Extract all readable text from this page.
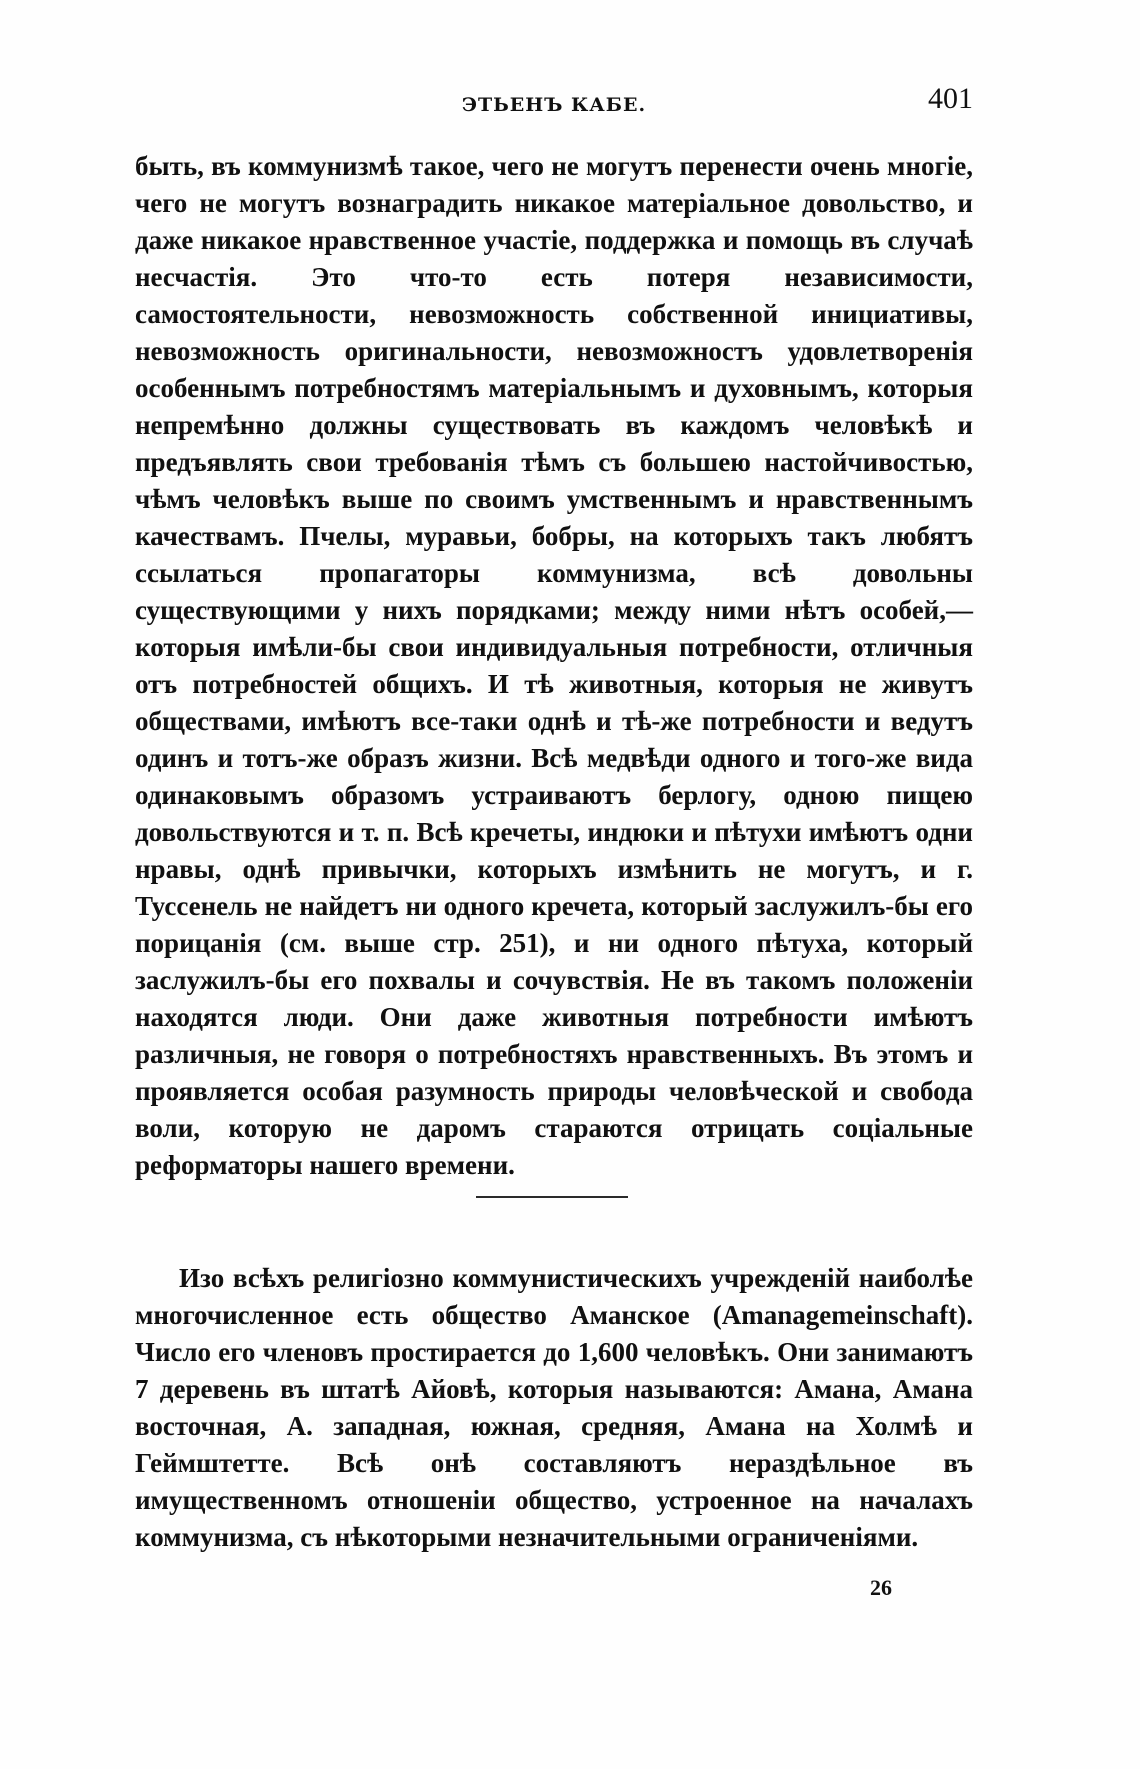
ЭТЬЕНЪ КАБЕ.	401
быть, въ коммунизмѣ такое, чего не могутъ перенести очень многіе, чего не могутъ вознаградить никакое матеріальное довольство, и даже никакое нравственное участіе, поддержка и помощь въ случаѣ несчастія. Это что-то есть потеря независимости, самостоятельности, невозможность собственной инициативы, невозможность оригинальности, невозможностъ удовлетворенія особеннымъ потребностямъ матеріальнымъ и духовнымъ, которыя непремѣнно должны существовать въ каждомъ человѣкѣ и предъявлять свои требованія тѣмъ съ большею настойчивостью, чѣмъ человѣкъ выше по своимъ умственнымъ и нравственнымъ качествамъ. Пчелы, муравьи, бобры, на которыхъ такъ любятъ ссылаться пропагаторы коммунизма, всѣ довольны существующими у нихъ порядками; между ними нѣтъ особей,—которыя имѣли-бы свои индивидуальныя потребности, отличныя отъ потребностей общихъ. И тѣ животныя, которыя не живутъ обществами, имѣютъ все-таки однѣ и тѣ-же потребности и ведутъ одинъ и тотъ-же образъ жизни. Всѣ медвѣди одного и того-же вида одинаковымъ образомъ устраиваютъ берлогу, одною пищею довольствуются и т. п. Всѣ кречеты, индюки и пѣтухи имѣютъ одни нравы, однѣ привычки, которыхъ измѣнить не могутъ, и г. Туссенель не найдетъ ни одного кречета, который заслужилъ-бы его порицанія (см. выше стр. 251), и ни одного пѣтуха, который заслужилъ-бы его похвалы и сочувствія. Не въ такомъ положеніи находятся люди. Они даже животныя потребности имѣютъ различныя, не говоря о потребностяхъ нравственныхъ. Въ этомъ и проявляется особая разумность природы человѣческой и свобода воли, которую не даромъ стараются отрицать соціальные реформаторы нашего времени.
Изо всѣхъ религіозно коммунистическихъ учрежденій наиболѣе многочисленное есть общество Аманское (Amanagemeinschaft). Число его членовъ простирается до 1,600 человѣкъ. Они занимаютъ 7 деревень въ штатѣ Айовѣ, которыя называются: Амана, Амана восточная, А. западная, южная, средняя, Амана на Холмѣ и Геймштетте. Всѣ онѣ составляютъ нераздѣльное въ имущественномъ отношеніи общество, устроенное на началахъ коммунизма, съ нѣкоторыми незначительными ограниченіями.
26
